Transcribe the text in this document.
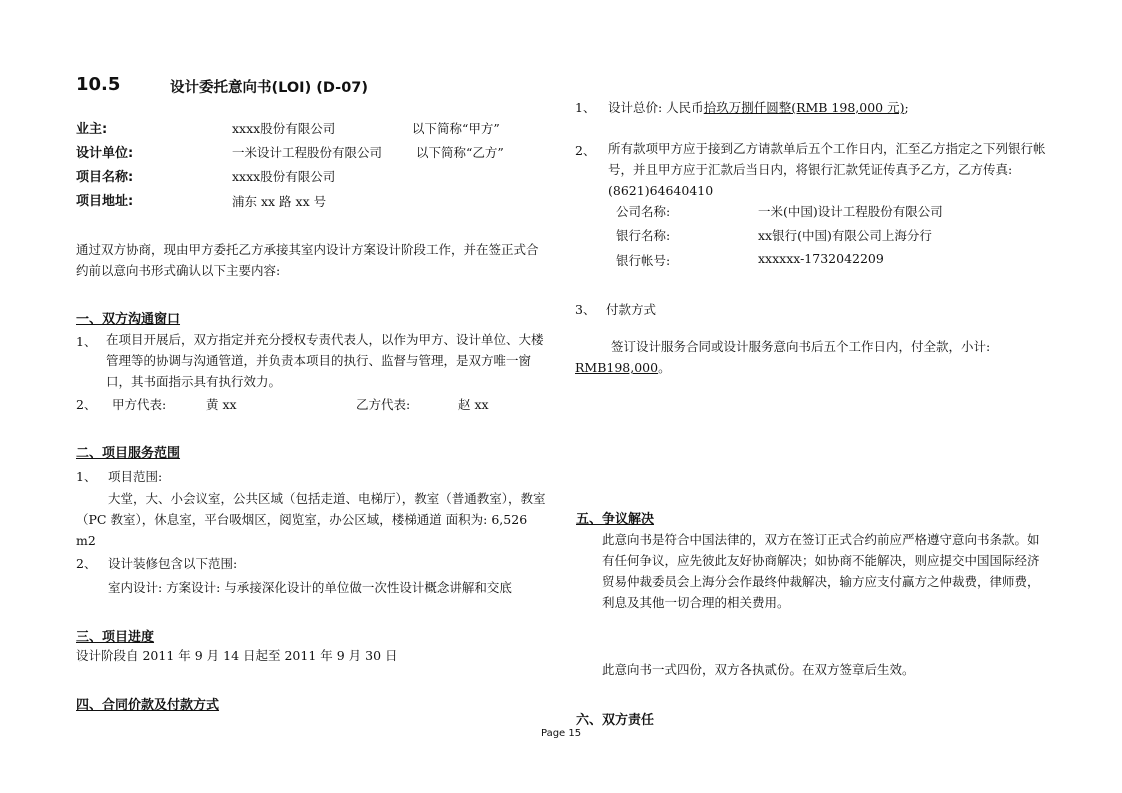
10.5	设计委托意向书(LOI) (D-07)
业主:	xxxx股份有限公司	以下简称“甲方”
设计单位:	一米设计工程股份有限公司	以下简称“乙方”
项目名称:	xxxx股份有限公司
项目地址:	浦东 xx 路 xx 号
通过双方协商，现由甲方委托乙方承接其室内设计方案设计阶段工作，并在签正式合约前以意向书形式确认以下主要内容:
一、双方沟通窗口
1、 在项目开展后，双方指定并充分授权专责代表人，以作为甲方、设计单位、大楼管理等的协调与沟通管道，并负责本项目的执行、监督与管理，是双方唯一窗口，其书面指示具有执行效力。
2、 甲方代表:	黄 xx	乙方代表:	赵 xx
二、项目服务范围
1、 项目范围:
大堂，大、小会议室，公共区域（包括走道、电梯厅），教室（普通教室），教室（PC 教室），休息室，平台吸烟区，阅览室，办公区域，楼梯通道 面积为: 6,526 m2
2、 设计装修包含以下范围:
室内设计: 方案设计: 与承接深化设计的单位做一次性设计概念讲解和交底
三、项目进度
设计阶段自 2011 年 9 月 14 日起至 2011 年 9 月 30 日
四、合同价款及付款方式
1、 设计总价: 人民币拾玖万捌仟圆整(RMB 198,000 元);
2、 所有款项甲方应于接到乙方请款单后五个工作日内，汇至乙方指定之下列银行帐号，并且甲方应于汇款后当日内，将银行汇款凭证传真予乙方，乙方传真: (8621)64640410
公司名称:	一米(中国)设计工程股份有限公司
银行名称:	xx银行(中国)有限公司上海分行
银行帐号:	xxxxxx-1732042209
3、 付款方式
签订设计服务合同或设计服务意向书后五个工作日内，付全款，小计:
RMB198,000。
五、争议解决
此意向书是符合中国法律的，双方在签订正式合约前应严格遵守意向书条款。如有任何争议，应先彼此友好协商解决；如协商不能解决，则应提交中国国际经济贸易仲裁委员会上海分会作最终仲裁解决，输方应支付赢方之仲裁费，律师费，利息及其他一切合理的相关费用。
此意向书一式四份，双方各执贰份。在双方签章后生效。
六、双方责任
Page 15
